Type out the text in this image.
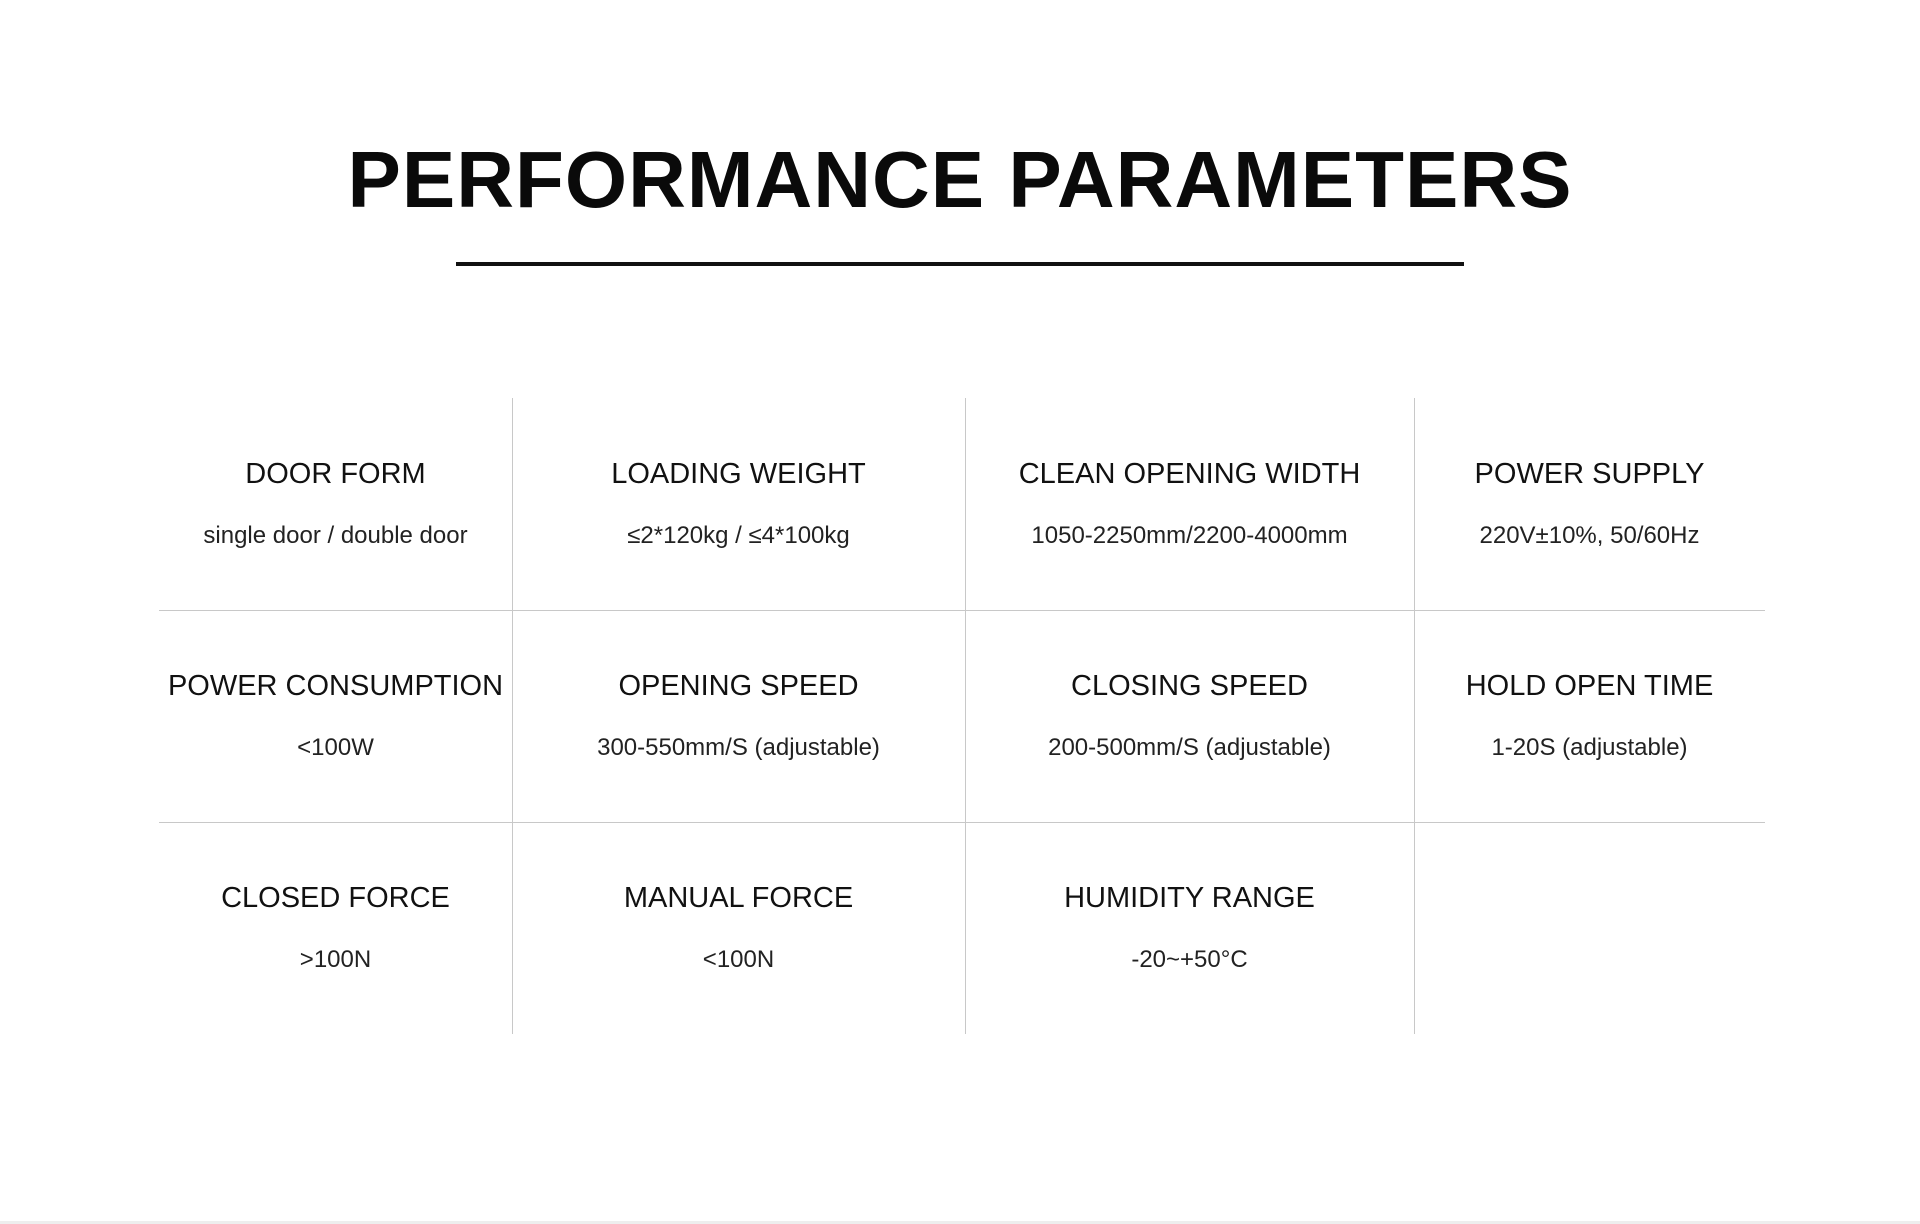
PERFORMANCE PARAMETERS
DOOR FORM
single door / double door
LOADING WEIGHT
≤2*120kg / ≤4*100kg
CLEAN OPENING WIDTH
1050-2250mm/2200-4000mm
POWER SUPPLY
220V±10%, 50/60Hz
POWER CONSUMPTION
<100W
OPENING SPEED
300-550mm/S (adjustable)
CLOSING SPEED
200-500mm/S (adjustable)
HOLD OPEN TIME
1-20S (adjustable)
CLOSED FORCE
>100N
MANUAL FORCE
<100N
HUMIDITY RANGE
-20~+50°C
